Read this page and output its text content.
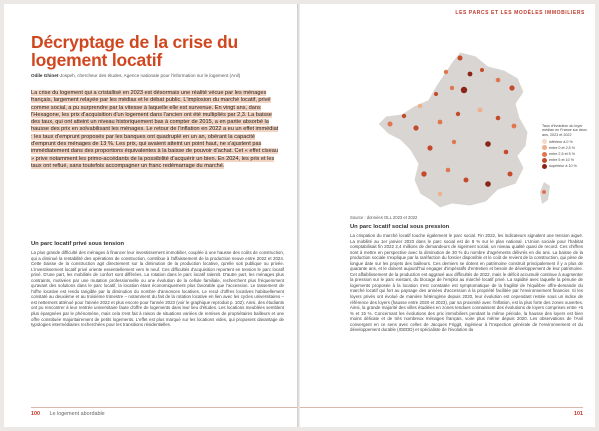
Décryptage de la crise du logement locatif
Odile Ghinet-Jospeh, chercheur des études, Agence nationale pour l'information sur le logement (Anil)

La crise du logement qui a cristallisé en 2023 est désormais une réalité vécue par les ménages français, largement relayée par les médias et le débat public. L'implosion du marché locatif, privé comme social, a pu surprendre par la vitesse à laquelle elle est survenue. En vingt ans, dans l'Hexagone, les prix d'acquisition d'un logement dans l'ancien ont été multipliés par 2,3. La baisse des taux, qui ont atteint un niveau historiquement bas à compter de 2015, a en partie absorbé la hausse des prix en solvabilisant les ménages. Le retour de l'inflation en 2022 a eu un effet immédiat : les taux d'emprunt proposés par les banques ont quadruplé en un an, obérant la capacité d'emprunt des ménages de 13 %. Les prix, qui avaient atteint un point haut, ne s'ajustent pas immédiatement dans des proportions équivalentes à la baisse de pouvoir d'achat. Cet « effet ciseau » prive notamment les primo-accédants de la possibilité d'acquérir un bien. En 2024, les prix et les taux ont reflué, sans toutefois accompagner un franc redémarrage du marché.

Un parc locatif privé sous tension

La plus grande difficulté des ménages à financer leur investissement immobilier, couplée à une hausse des coûts de construction, qui a diminué la rentabilité des opérations de construction, contribue à l'affaissement de la production neuve entre 2022 et 2024. Cette baisse de la construction agit directement sur la diminution de la production locative, qu'elle soit publique ou privée. L'investissement locatif privé oriente essentiellement vers le neuf. Ces difficultés d'acquisition reportent en tension le parc locatif privé. D'une part, les mobilités de confort sont différées. La rotation dans le parc locatif ralentit. D'autre part, les ménages plus contraints, motivées par une mutation professionnelle ou une évolution de la cellule familiale, recherchent plus fréquemment qu'avant des solutions dans le parc locatif, la location étant économiquement plus favorable que l'accession. Le tassement de l'offre locative est rendu tangible par la diminution du nombre d'annonces locatives. Le recul d'offres locatives habituellement constaté au deuxième et au troisième trimestre – notamment du fait de la rotation locative en lien avec les cycles universitaires – est nettement atténué pour l'année 2022 et plus encore pour l'année 2023 (voir le graphique reproduit p. 102). Ainsi, des étudiants ont pu rencontrer à leur rentrée universitaire faute d'offre de logements dans leur lieu d'études. Les locations meublées semblent plus épargnées par le phénomène, mais cela s'est fait à raison de situations variées de remises de propriétaires bailleurs et une offre constituée majoritairement de petits logements. L'effet est plus marqué sur les locations vides, qui proposent davantage de typologies intermédiaires recherchées pour les transitions résidentielles.

100 Le logement abordable
LES PARCS ET LES MODÈLES IMMOBILIERS
Taux d'évolution du loyer médian en France sur deux ans, 2023 et 2022
inférieur à 0 %
entre 0 et 2,5 %
entre 2,5 et 5 %
entre 5 et 10 %
supérieur à 10 %
Source : données OLL 2023 et 2022
Un parc locatif social sous pression

La crispation du marché locatif touche également le parc social. Fin 2022, les indicateurs signalent une tension aiguë. La mobilité au 1er janvier 2023 dans le parc social est de 8 % sur le plan national. L'Union sociale pour l'habitat comptabilisait fin 2022 2,4 millions de demandeurs de logement social, un niveau qualité quasi de record. Ces chiffres sont à mettre en perspective avec la diminution de 30 % du nombre d'agréments délivrés en dix ans. La baisse de la production sociale s'explique par la raréfaction du foncier disponible et le coût de revient de la construction, qui pèse de longue date sur les projets des bailleurs. Ces derniers se dotent en patrimoine construit principalement il y a plus de quarante ans, et le doivent aujourd'hui engager d'impératifs d'entretien et besoin de développement de leur patrimoine. Cet affaiblissement de la production est aggravé aux difficultés de 2022, mais le déficit accumulé continue à augmenter la pression sur le parc existant, du blocage de l'emploi au marché locatif privé. La rapidité avec laquelle la pénurie de logements proposée à la location s'est constatée est symptomatique de la fragilité de l'équilibre offre-demande du marché locatif qui fort au paysage des années d'accession à la propriété facilitée par l'environnement financier. Si les loyers privés ont évolué de manière hétérogène depuis 2020, leur évolution est cependant restée sous un indice de référence des loyers (hausse entre 2020 et 2023), par sa proximité avec l'inflation, est la plus forte des zones ouvertes. Ainsi, la grande majorité des villes étudiées en zones tendues connaissent des évolutions de loyers comprises entre +5 % et 15 %. Concernant les évolutions des prix immobiliers pendant la même période, la hausse des loyers est bien moins délicate et de très nombreux ménages français, voire plus même depuis 2020. Les observations de l'Anil convergent en ce sens avec celles de Jacques Friggit, ingénieur à l'Inspection générale de l'environnement et du développement durable (IGEDD) et spécialiste de l'évolution du

101
